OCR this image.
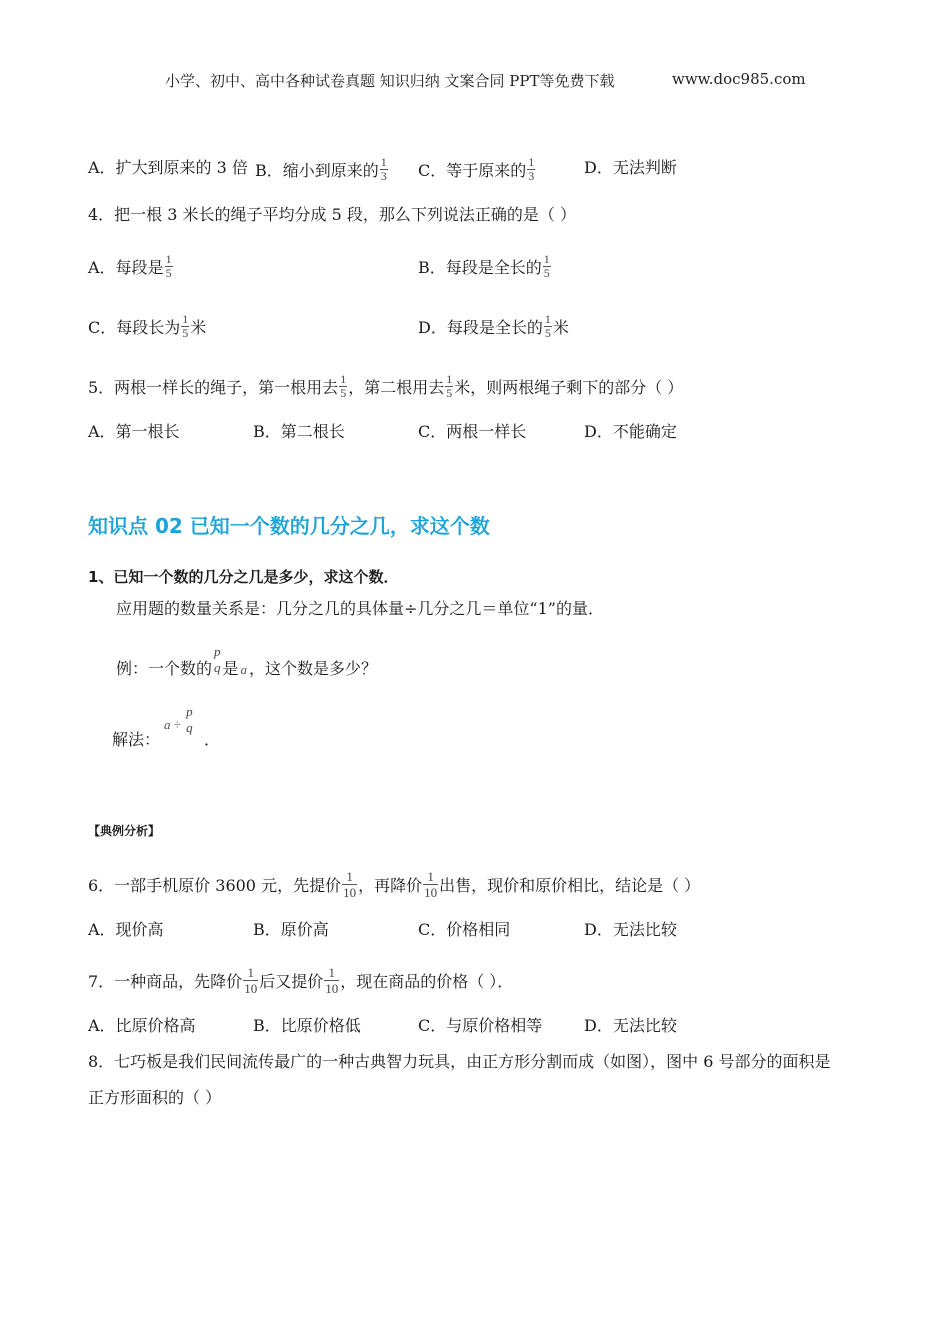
小学、初中、高中各种试卷真题 知识归纳 文案合同 PPT等免费下载	www.doc985.com
A．扩大到原来的 3 倍 B．缩小到原来的 $\frac{1}{3}$ C．等于原来的 $\frac{1}{3}$	D．无法判断
4．把一根 3 米长的绳子平均分成 5 段，那么下列说法正确的是（ ）
A．每段是 $\frac{1}{5}$	B．每段是全长的 $\frac{1}{5}$
C．每段长为 $\frac{1}{5}$ 米	D．每段是全长的 $\frac{1}{5}$ 米
5．两根一样长的绳子，第一根用去 $\frac{1}{5}$ ，第二根用去 $\frac{1}{5}$ 米，则两根绳子剩下的部分（ ）
A．第一根长	B．第二根长	C．两根一样长	D．不能确定
知识点 02 已知一个数的几分之几，求这个数
1、已知一个数的几分之几是多少，求这个数．
应用题的数量关系是：几分之几的具体量÷几分之几＝单位“1”的量．
例：一个数的
p
q 是 a ，这个数是多少？
解法：
a ÷
p
q
．
【典例分析】
6．一部手机原价 3600 元，先提价 $\frac{1}{10}$ ，再降价 $\frac{1}{10}$ 出售，现价和原价相比，结论是（ ）
A．现价高	B．原价高	C．价格相同	D．无法比较
7．一种商品，先降价 $\frac{1}{10}$ 后又提价 $\frac{1}{10}$ ，现在商品的价格（ ）．
A．比原价格高	B．比原价格低	C．与原价格相等	D．无法比较
8．七巧板是我们民间流传最广的一种古典智力玩具，由正方形分割而成（如图），图中 6 号部分的面积是
正方形面积的（ ）
